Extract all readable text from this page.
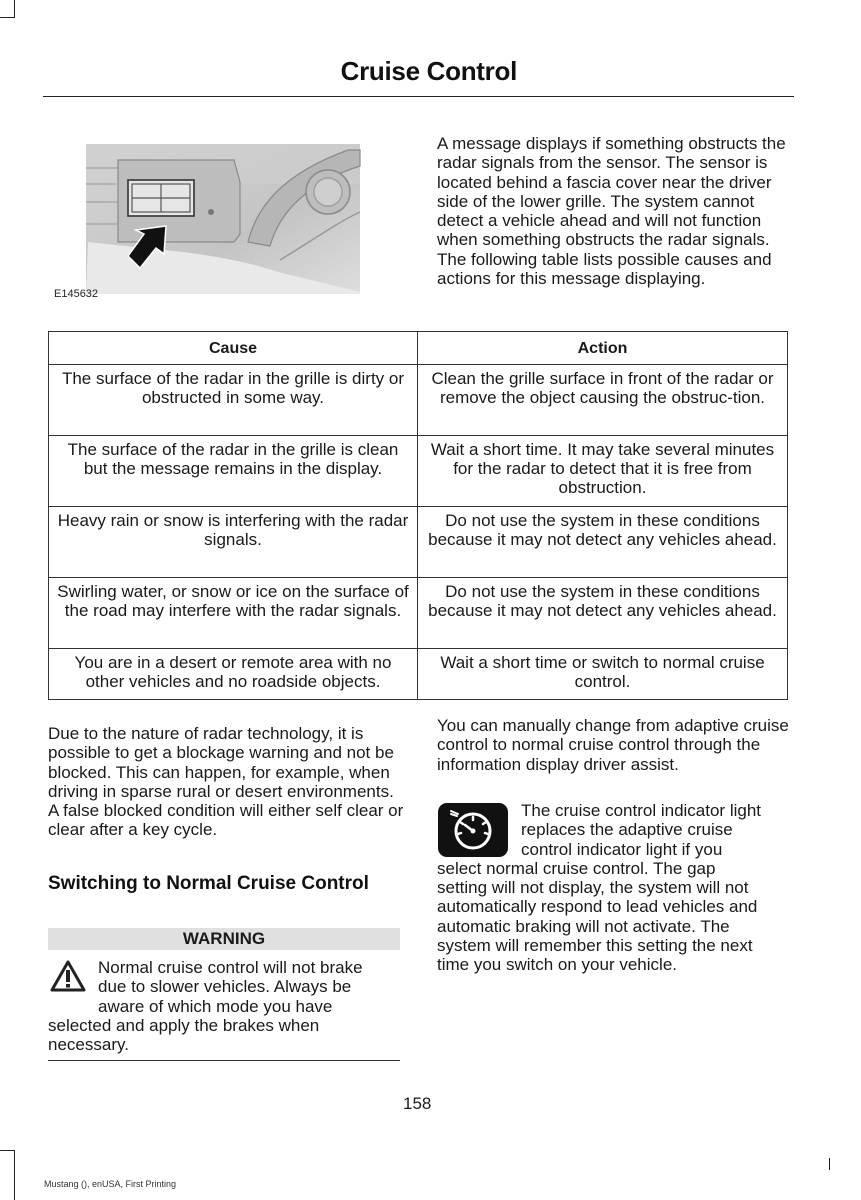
Cruise Control
E145632
A message displays if something obstructs the radar signals from the sensor. The sensor is located behind a fascia cover near the driver side of the lower grille. The system cannot detect a vehicle ahead and will not function when something obstructs the radar signals. The following table lists possible causes and actions for this message displaying.
Cause	Action
The surface of the radar in the grille is dirty or obstructed in some way.	Clean the grille surface in front of the radar or remove the object causing the obstruc-tion.
The surface of the radar in the grille is clean but the message remains in the display.	Wait a short time. It may take several minutes for the radar to detect that it is free from obstruction.
Heavy rain or snow is interfering with the radar signals.	Do not use the system in these conditions because it may not detect any vehicles ahead.
Swirling water, or snow or ice on the surface of the road may interfere with the radar signals.	Do not use the system in these conditions because it may not detect any vehicles ahead.
You are in a desert or remote area with no other vehicles and no roadside objects.	Wait a short time or switch to normal cruise control.
Due to the nature of radar technology, it is possible to get a blockage warning and not be blocked. This can happen, for example, when driving in sparse rural or desert environments. A false blocked condition will either self clear or clear after a key cycle.
Switching to Normal Cruise Control
WARNING
Normal cruise control will not brake
due to slower vehicles. Always be
aware of which mode you have
selected and apply the brakes when
necessary.
You can manually change from adaptive cruise control to normal cruise control through the information display driver assist.
The cruise control indicator light
replaces the adaptive cruise
control indicator light if you
select normal cruise control. The gap
setting will not display, the system will not
automatically respond to lead vehicles and
automatic braking will not activate. The
system will remember this setting the next
time you switch on your vehicle.
158
Mustang (), enUSA, First Printing
